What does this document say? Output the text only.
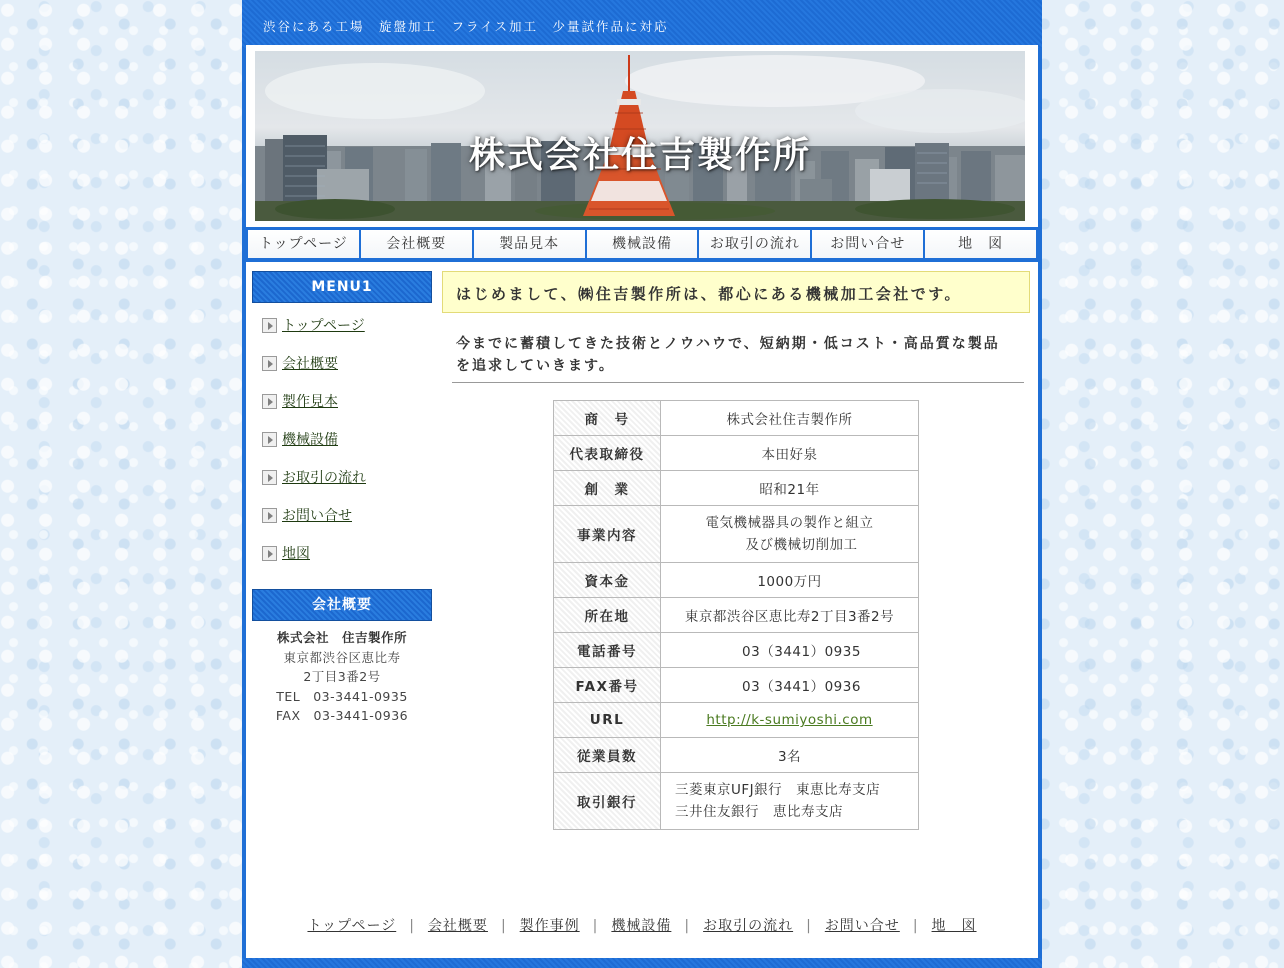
渋谷にある工場　旋盤加工　フライス加工　少量試作品に対応
株式会社住吉製作所
トップページ	会社概要	製品見本	機械設備	お取引の流れ	お問い合せ	地　図
MENU1
トップページ
会社概要
製作見本
機械設備
お取引の流れ
お問い合せ
地図
会社概要
株式会社　住吉製作所
東京都渋谷区恵比寿
2丁目3番2号
TEL　03-3441-0935
FAX　03-3441-0936
はじめまして、㈱住吉製作所は、都心にある機械加工会社です。
今までに蓄積してきた技術とノウハウで、短納期・低コスト・高品質な製品
を追求していきます。
商　号	株式会社住吉製作所
代表取締役	本田好泉
創　業	昭和21年
事業内容	電気機械器具の製作と組立
及び機械切削加工

資本金	1000万円
所在地	東京都渋谷区恵比寿2丁目3番2号
電話番号	03（3441）0935
FAX番号	03（3441）0936
URL	http://k-sumiyoshi.com
従業員数	3名
取引銀行	三菱東京UFJ銀行　東恵比寿支店
三井住友銀行　恵比寿支店
トップページ | 会社概要 | 製作事例 | 機械設備 | お取引の流れ | お問い合せ | 地　図
